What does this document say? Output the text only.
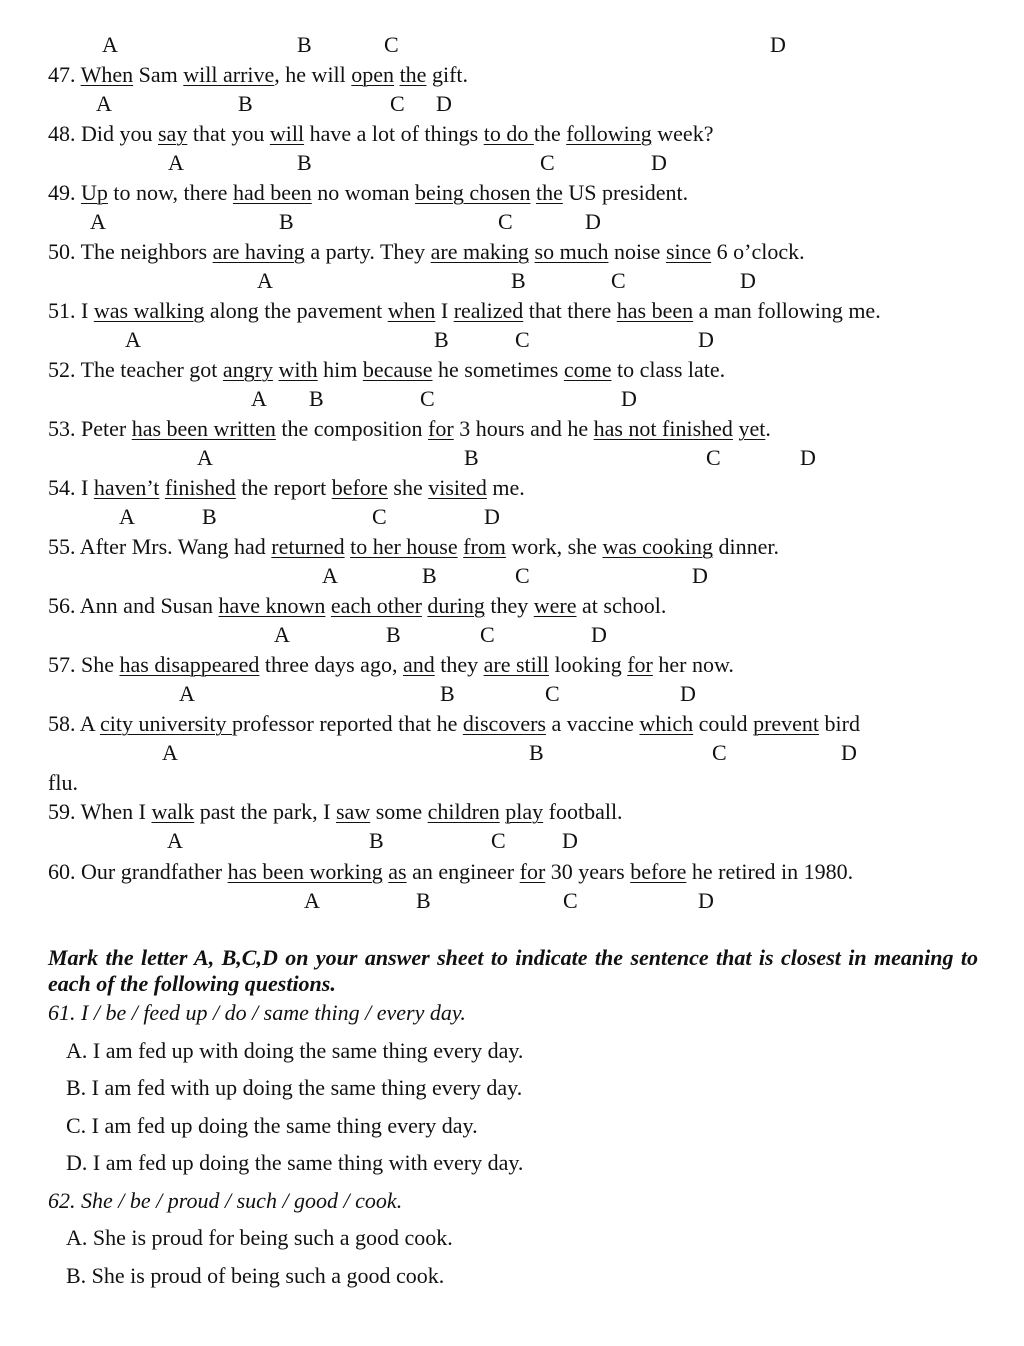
A	B	C	D
47. When Sam will arrive, he will open the gift.
A	B	C D
48. Did you say that you will have a lot of things to do the following week?
A	B	C	D
49. Up to now, there had been no woman being chosen the US president.
A	B	C	D
50. The neighbors are having a party. They are making so much noise since 6 o’clock.
A	B	C	D
51. I was walking along the pavement when I realized that there has been a man following me.
A	B	C	D
52. The teacher got angry with him because he sometimes come to class late.
A B	C	D
53. Peter has been written the composition for 3 hours and he has not finished yet.
A	B	C	D
54. I haven’t finished the report before she visited me.
A	B	C	D
55. After Mrs. Wang had returned to her house from work, she was cooking dinner.
A	B	C	D
56. Ann and Susan have known each other during they were at school.
A	B	C	D
57. She has disappeared three days ago, and they are still looking for her now.
A	B	C	D
58. A city university professor reported that he discovers a vaccine which could prevent bird
A	B	C	D
flu.
59. When I walk past the park, I saw some children play football.
A	B	C	D
60. Our grandfather has been working as an engineer for 30 years before he retired in 1980.
A	B	C	D
Mark the letter A, B,C,D on your answer sheet to indicate the sentence that is closest in meaning to each of the following questions.
61. I / be / feed up / do / same thing / every day.
A. I am fed up with doing the same thing every day.
B. I am fed with up doing the same thing every day.
C. I am fed up doing the same thing every day.
D. I am fed up doing the same thing with every day.
62. She / be / proud / such / good / cook.
A. She is proud for being such a good cook.
B. She is proud of being such a good cook.
